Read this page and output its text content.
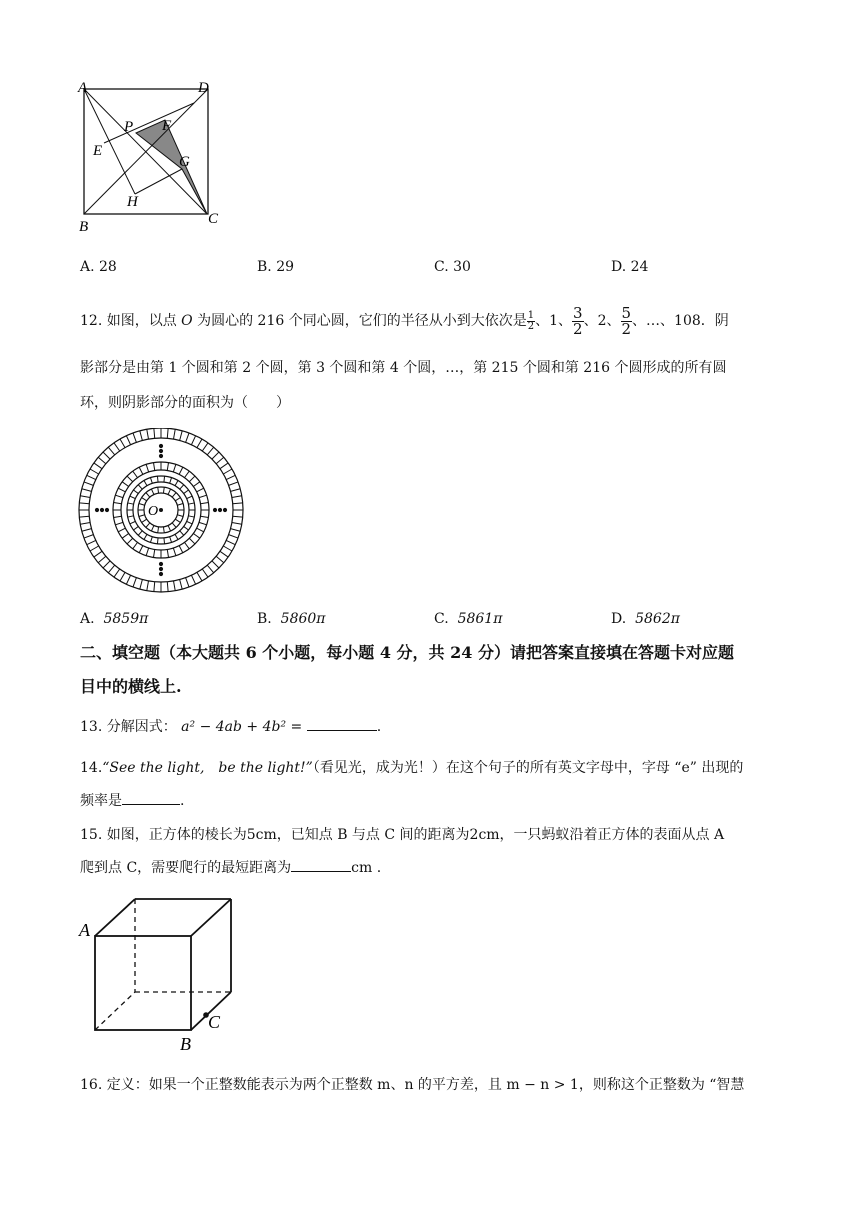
A	D
P F
E
G
H
B	C
A. 28	B. 29	C. 30	D. 24
12. 如图，以点 O 为圆心的 216 个同心圆，它们的半径从小到大依次是 $\frac{1}{2}$ 、1、 $\frac{3}{2}$ 、2、 $\frac{5}{2}$ 、…、108．阴
影部分是由第 1 个圆和第 2 个圆，第 3 个圆和第 4 个圆，…，第 215 个圆和第 216 个圆形成的所有圆
环，则阴影部分的面积为（　　）
O
A. 5859π	B. 5860π	C. 5861π	D. 5862π
二、填空题（本大题共 6 个小题，每小题 4 分，共 24 分）请把答案直接填在答题卡对应题
目中的横线上.
13. 分解因式： a² − 4ab + 4b² =	.
14.“See the light,　be the light!”（看见光，成为光！）在这个句子的所有英文字母中，字母 “e” 出现的
频率是	.
15. 如图，正方体的棱长为5cm，已知点 B 与点 C 间的距离为2cm，一只蚂蚁沿着正方体的表面从点 A
爬到点 C，需要爬行的最短距离为	cm .
A
C
B
16. 定义：如果一个正整数能表示为两个正整数 m、n 的平方差，且 m − n > 1，则称这个正整数为 “智慧
